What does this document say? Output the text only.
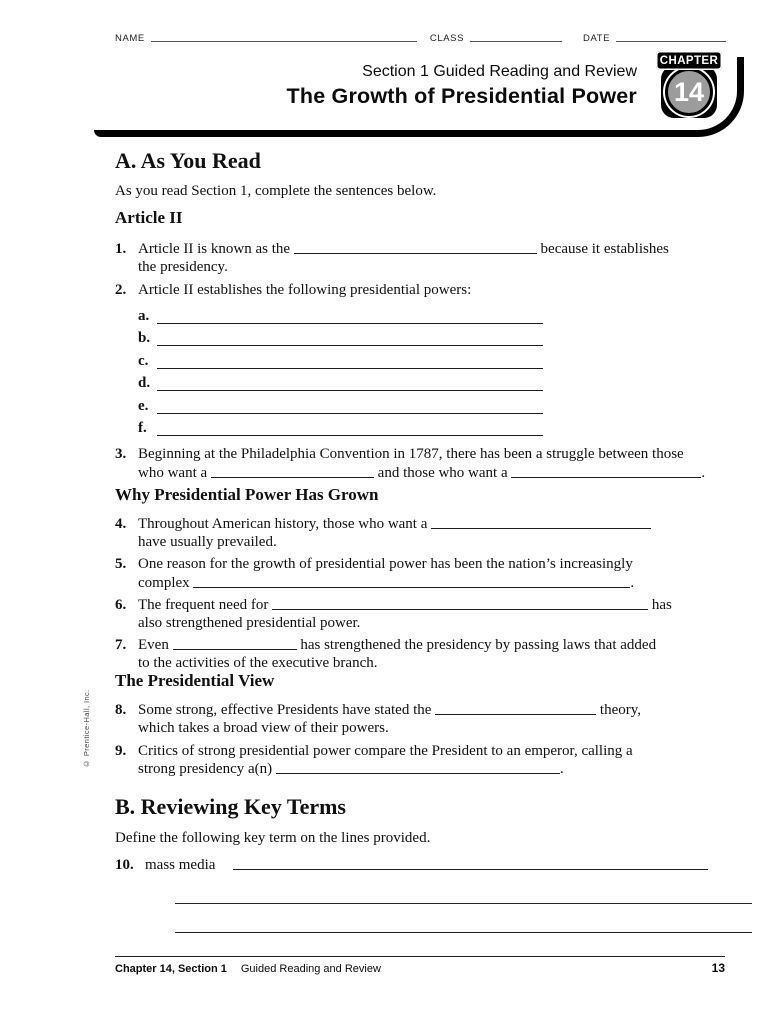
NAME	CLASS	DATE
Section 1 Guided Reading and Review
The Growth of Presidential Power
CHAPTER
14
A. As You Read

As you read Section 1, complete the sentences below.

Article II
1. Article II is known as the	because it establishes
the presidency.
2. Article II establishes the following presidential powers:
a.
b.
c.
d.
e.
f.
3. Beginning at the Philadelphia Convention in 1787, there has been a struggle between those
who want a	and those who want a	.
Why Presidential Power Has Grown
4. Throughout American history, those who want a
have usually prevailed.
5. One reason for the growth of presidential power has been the nation’s increasingly
complex	.
6. The frequent need for	has
also strengthened presidential power.
7. Even	has strengthened the presidency by passing laws that added
to the activities of the executive branch.
The Presidential View
8. Some strong, effective Presidents have stated the	theory,
which takes a broad view of their powers.
9. Critics of strong presidential power compare the President to an emperor, calling a
strong presidency a(n)	.
B. Reviewing Key Terms

Define the following key term on the lines provided.

10. mass media
© Prentice-Hall, Inc.
Chapter 14, Section 1 Guided Reading and Review	13
